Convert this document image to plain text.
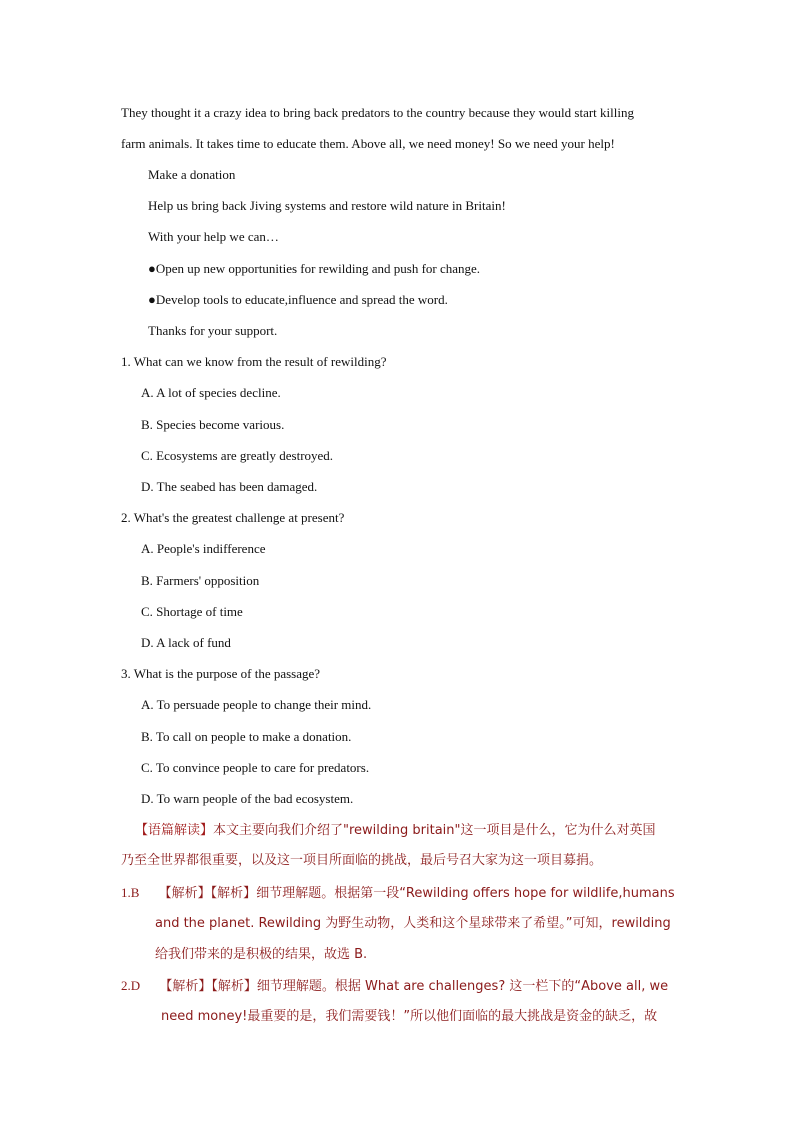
They thought it a crazy idea to bring back predators to the country because they would start killing
farm animals. It takes time to educate them. Above all, we need money! So we need your help!
Make a donation
Help us bring back Jiving systems and restore wild nature in Britain!
With your help we can…
●Open up new opportunities for rewilding and push for change.
●Develop tools to educate,influence and spread the word.
Thanks for your support.
1. What can we know from the result of rewilding?
A. A lot of species decline.
B. Species become various.
C. Ecosystems are greatly destroyed.
D. The seabed has been damaged.
2. What's the greatest challenge at present?
A. People's indifference
B. Farmers' opposition
C. Shortage of time
D. A lack of fund
3. What is the purpose of the passage?
A. To persuade people to change their mind.
B. To call on people to make a donation.
C. To convince people to care for predators.
D. To warn people of the bad ecosystem.
【语篇解读】本文主要向我们介绍了"rewilding britain"这一项目是什么，它为什么对英国
乃至全世界都很重要，以及这一项目所面临的挑战，最后号召大家为这一项目募捐。
1.B 【解析】【解析】细节理解题。根据第一段“Rewilding offers hope for wildlife,humans
and the planet. Rewilding 为野生动物，人类和这个星球带来了希望。”可知，rewilding
给我们带来的是积极的结果，故选 B.
2.D 【解析】【解析】细节理解题。根据 What are challenges? 这一栏下的“Above all, we
need money!最重要的是，我们需要钱！”所以他们面临的最大挑战是资金的缺乏，故
